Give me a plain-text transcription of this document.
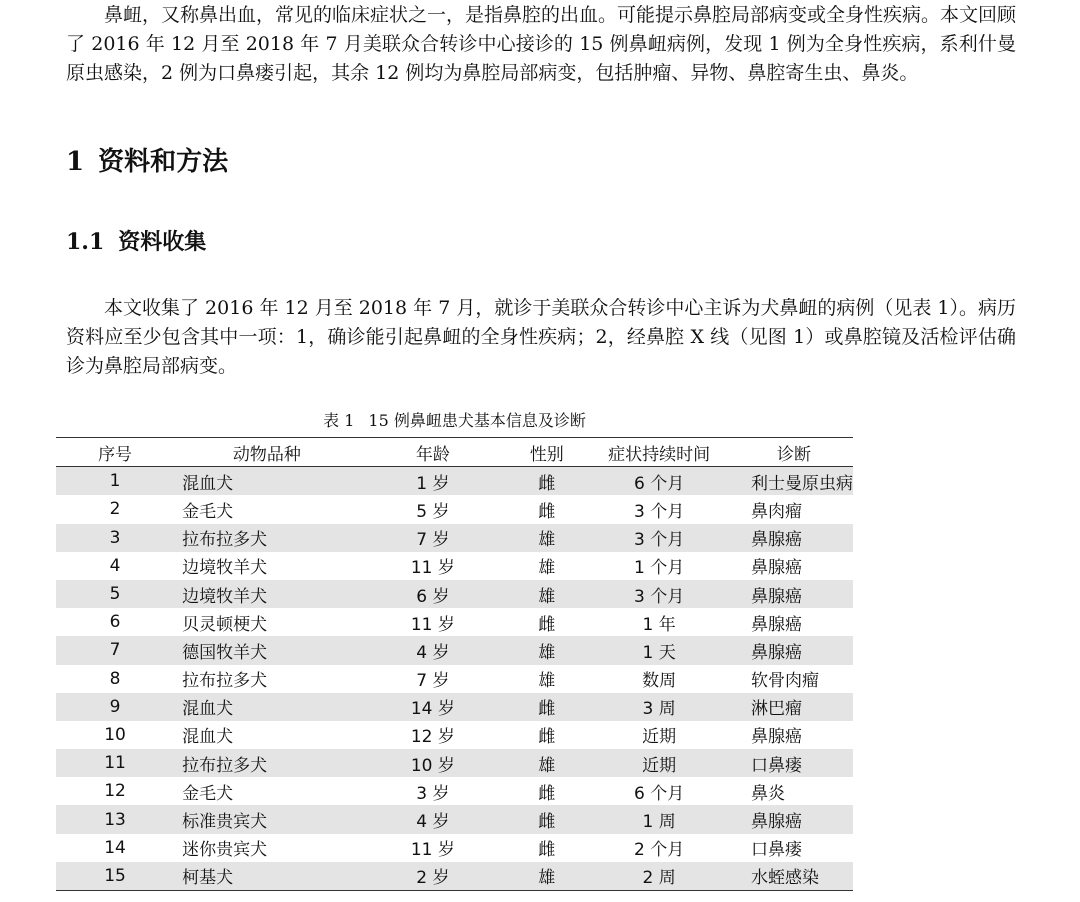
鼻衄，又称鼻出血，常见的临床症状之一，是指鼻腔的出血。可能提示鼻腔局部病变或全身性疾病。本文回顾了 2016 年 12 月至 2018 年 7 月美联众合转诊中心接诊的 15 例鼻衄病例，发现 1 例为全身性疾病，系利什曼原虫感染，2 例为口鼻瘘引起，其余 12 例均为鼻腔局部病变，包括肿瘤、异物、鼻腔寄生虫、鼻炎。

1 资料和方法
1.1 资料收集

本文收集了 2016 年 12 月至 2018 年 7 月，就诊于美联众合转诊中心主诉为犬鼻衄的病例（见表 1）。病历资料应至少包含其中一项：1，确诊能引起鼻衄的全身性疾病；2，经鼻腔 X 线（见图 1）或鼻腔镜及活检评估确诊为鼻腔局部病变。

表 1 15 例鼻衄患犬基本信息及诊断
序号	动物品种	年龄	性别	症状持续时间	诊断
1	混血犬	1 岁	雌	6 个月	利士曼原虫病
2	金毛犬	5 岁	雌	3 个月	鼻肉瘤
3	拉布拉多犬	7 岁	雄	3 个月	鼻腺癌
4	边境牧羊犬	11 岁	雄	1 个月	鼻腺癌
5	边境牧羊犬	6 岁	雄	3 个月	鼻腺癌
6	贝灵顿梗犬	11 岁	雌	1 年	鼻腺癌
7	德国牧羊犬	4 岁	雄	1 天	鼻腺癌
8	拉布拉多犬	7 岁	雄	数周	软骨肉瘤
9	混血犬	14 岁	雌	3 周	淋巴瘤
10	混血犬	12 岁	雌	近期	鼻腺癌
11	拉布拉多犬	10 岁	雄	近期	口鼻瘘
12	金毛犬	3 岁	雌	6 个月	鼻炎
13	标准贵宾犬	4 岁	雌	1 周	鼻腺癌
14	迷你贵宾犬	11 岁	雌	2 个月	口鼻瘘
15	柯基犬	2 岁	雄	2 周	水蛭感染
